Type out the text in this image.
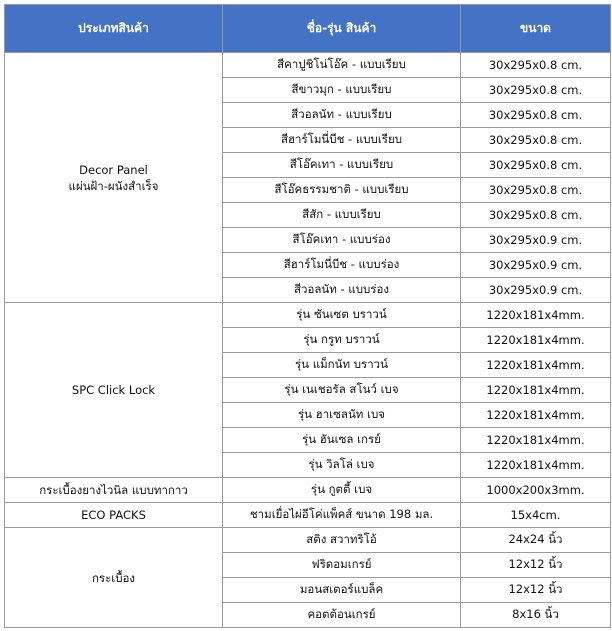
ประเภทสินค้า	ชื่อ-รุ่น สินค้า	ขนาด

Decor Panel
แผ่นฝ้า-ผนังสำเร็จ	สีคาปูชิโน่โอ๊ค - แบบเรียบ	30x295x0.8 cm.
	สีขาวมุก - แบบเรียบ	30x295x0.8 cm.
	สีวอลนัท - แบบเรียบ	30x295x0.8 cm.
	สีฮาร์โมนี่บีช - แบบเรียบ	30x295x0.8 cm.
	สีโอ๊คเทา - แบบเรียบ	30x295x0.8 cm.
	สีโอ๊คธรรมชาติ - แบบเรียบ	30x295x0.8 cm.
	สีสัก - แบบเรียบ	30x295x0.8 cm.
	สีโอ๊คเทา - แบบร่อง	30x295x0.9 cm.
	สีฮาร์โมนี่บีช - แบบร่อง	30x295x0.9 cm.
	สีวอลนัท - แบบร่อง	30x295x0.9 cm.

SPC Click Lock	รุ่น ซันเซต บราวน์	1220x181x4mm.
	รุ่น กรูท บราวน์	1220x181x4mm.
	รุ่น แม็กนัท บราวน์	1220x181x4mm.
	รุ่น เนเชอรัล สโนว์ เบจ	1220x181x4mm.
	รุ่น ฮาเซลนัท เบจ	1220x181x4mm.
	รุ่น ฮันเซล เกรย์	1220x181x4mm.
	รุ่น วิลโล่ เบจ	1220x181x4mm.

กระเบื้องยางไวนิล แบบทากาว	รุ่น กูตตี้ เบจ	1000x200x3mm.

ECO PACKS	ชามเยื่อไผ่อีโค่แพ็คส์ ขนาด 198 มล.	15x4cm.

กระเบื้อง	สติง สวาทริโอ้	24x24 นิ้ว
	ฟริดอมเกรย์	12x12 นิ้ว
	มอนสเตอร์แบล็ค	12x12 นิ้ว
	คอตต้อนเกรย์	8x16 นิ้ว
